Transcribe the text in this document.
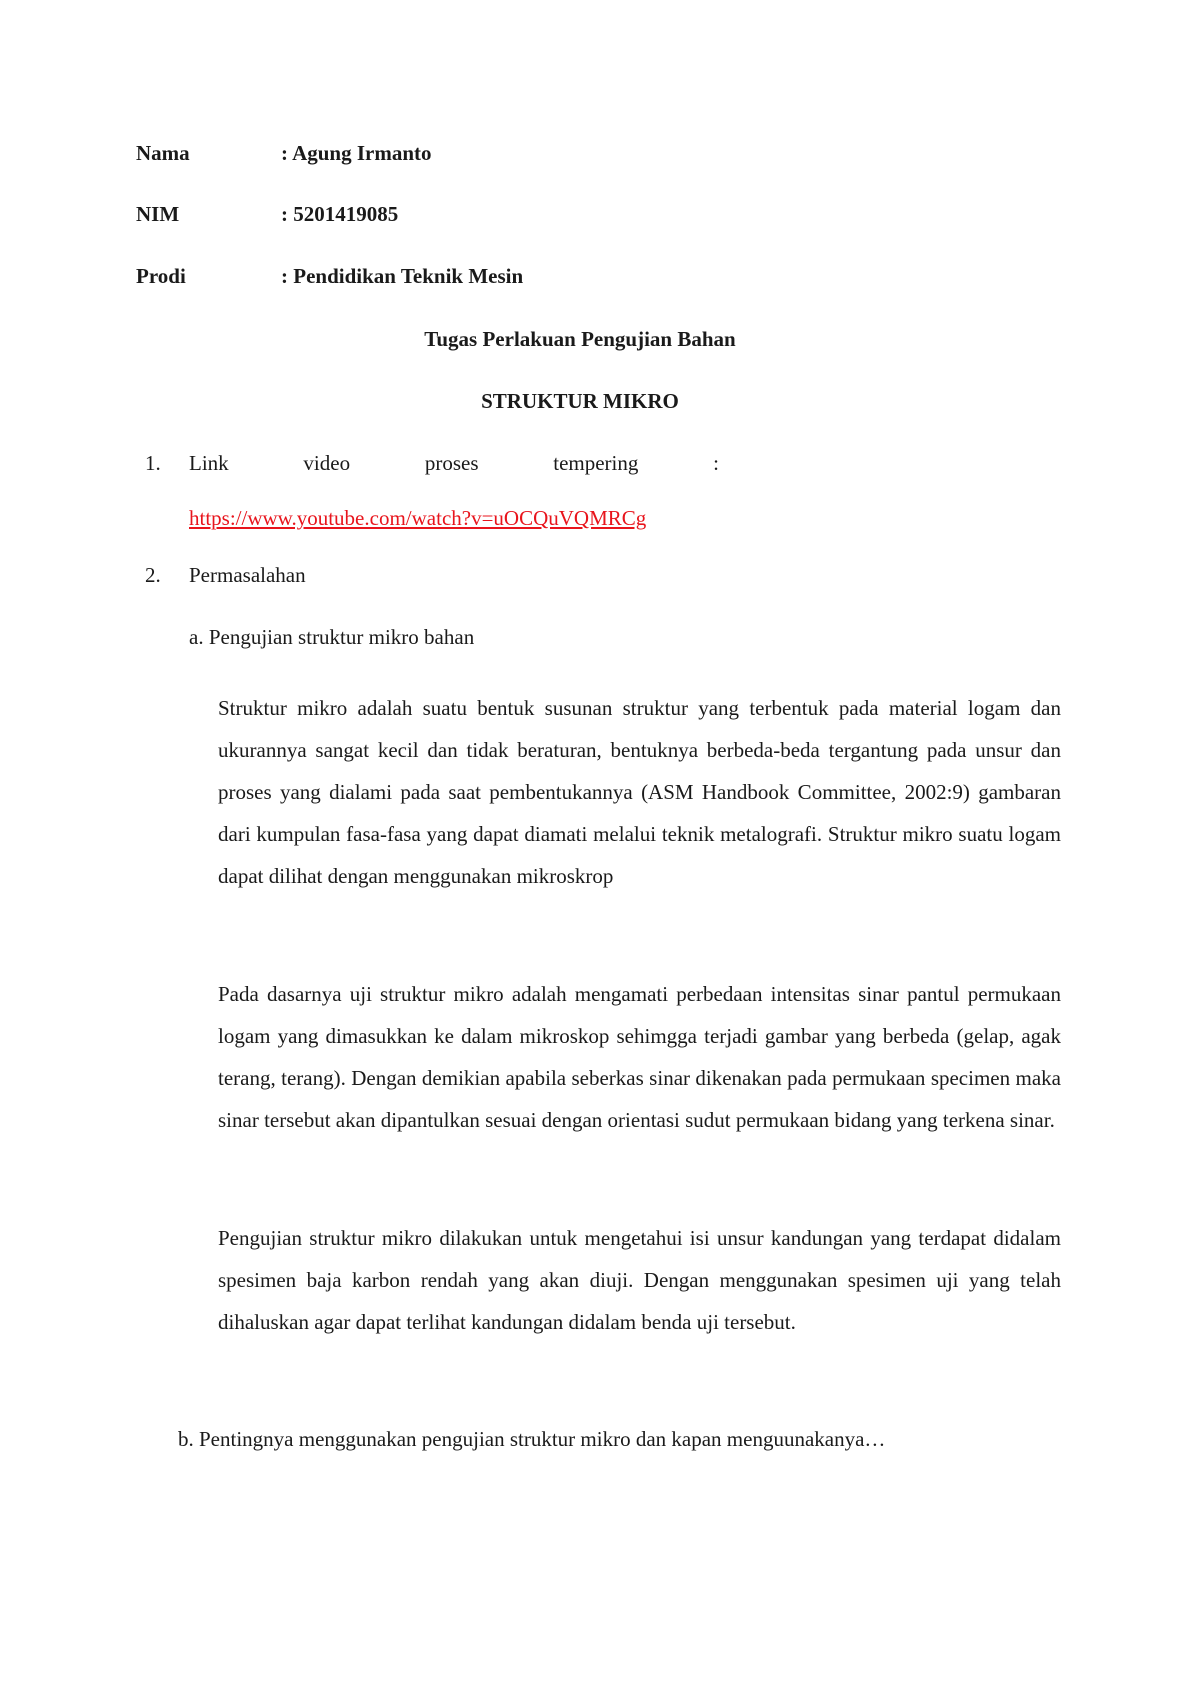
Nama	: Agung Irmanto
NIM	: 5201419085
Prodi	: Pendidikan Teknik Mesin
Tugas Perlakuan Pengujian Bahan
STRUKTUR MIKRO
1. Link	video	proses	tempering	:
https://www.youtube.com/watch?v=uOCQuVQMRCg
2. Permasalahan
a. Pengujian struktur mikro bahan

Struktur mikro adalah suatu bentuk susunan struktur yang terbentuk pada material logam dan ukurannya sangat kecil dan tidak beraturan, bentuknya berbeda-beda tergantung pada unsur dan proses yang dialami pada saat pembentukannya (ASM Handbook Committee, 2002:9) gambaran dari kumpulan fasa-fasa yang dapat diamati melalui teknik metalografi. Struktur mikro suatu logam dapat dilihat dengan menggunakan mikroskrop

Pada dasarnya uji struktur mikro adalah mengamati perbedaan intensitas sinar pantul permukaan logam yang dimasukkan ke dalam mikroskop sehimgga terjadi gambar yang berbeda (gelap, agak terang, terang). Dengan demikian apabila seberkas sinar dikenakan pada permukaan specimen maka sinar tersebut akan dipantulkan sesuai dengan orientasi sudut permukaan bidang yang terkena sinar.

Pengujian struktur mikro dilakukan untuk mengetahui isi unsur kandungan yang terdapat didalam spesimen baja karbon rendah yang akan diuji. Dengan menggunakan spesimen uji yang telah dihaluskan agar dapat terlihat kandungan didalam benda uji tersebut.

b. Pentingnya menggunakan pengujian struktur mikro dan kapan menguunakanya…
